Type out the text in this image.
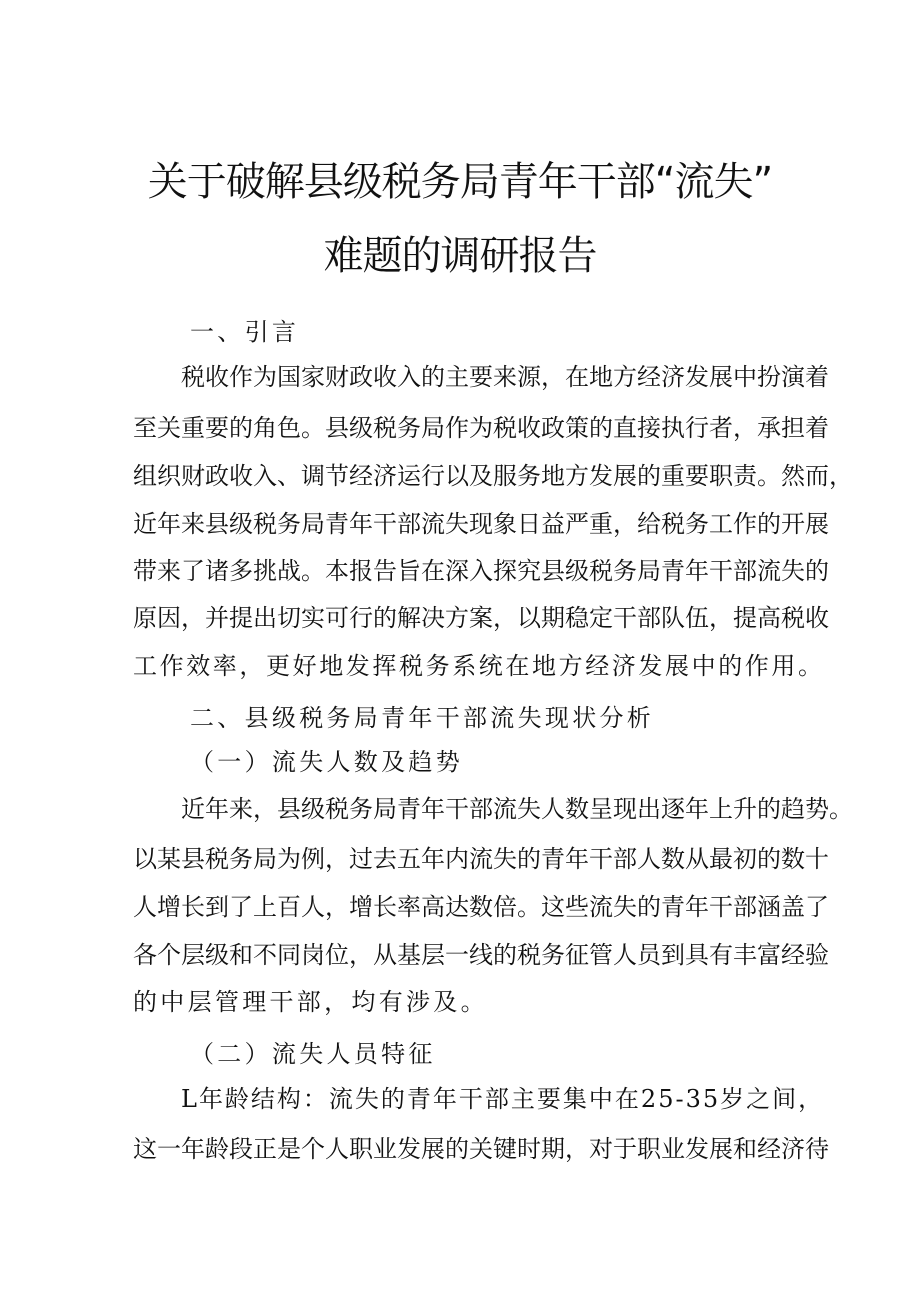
关于破解县级税务局青年干部“流失”
难题的调研报告
一、引言
税收作为国家财政收入的主要来源，在地方经济发展中扮演着
至关重要的角色。县级税务局作为税收政策的直接执行者，承担着
组织财政收入、调节经济运行以及服务地方发展的重要职责。然而，
近年来县级税务局青年干部流失现象日益严重，给税务工作的开展
带来了诸多挑战。本报告旨在深入探究县级税务局青年干部流失的
原因，并提出切实可行的解决方案，以期稳定干部队伍，提高税收
工作效率，更好地发挥税务系统在地方经济发展中的作用。
二、县级税务局青年干部流失现状分析
（一）流失人数及趋势
近年来，县级税务局青年干部流失人数呈现出逐年上升的趋势。
以某县税务局为例，过去五年内流失的青年干部人数从最初的数十
人增长到了上百人，增长率高达数倍。这些流失的青年干部涵盖了
各个层级和不同岗位，从基层一线的税务征管人员到具有丰富经验
的中层管理干部，均有涉及。
（二）流失人员特征
L年龄结构：流失的青年干部主要集中在25-35岁之间，
这一年龄段正是个人职业发展的关键时期，对于职业发展和经济待
